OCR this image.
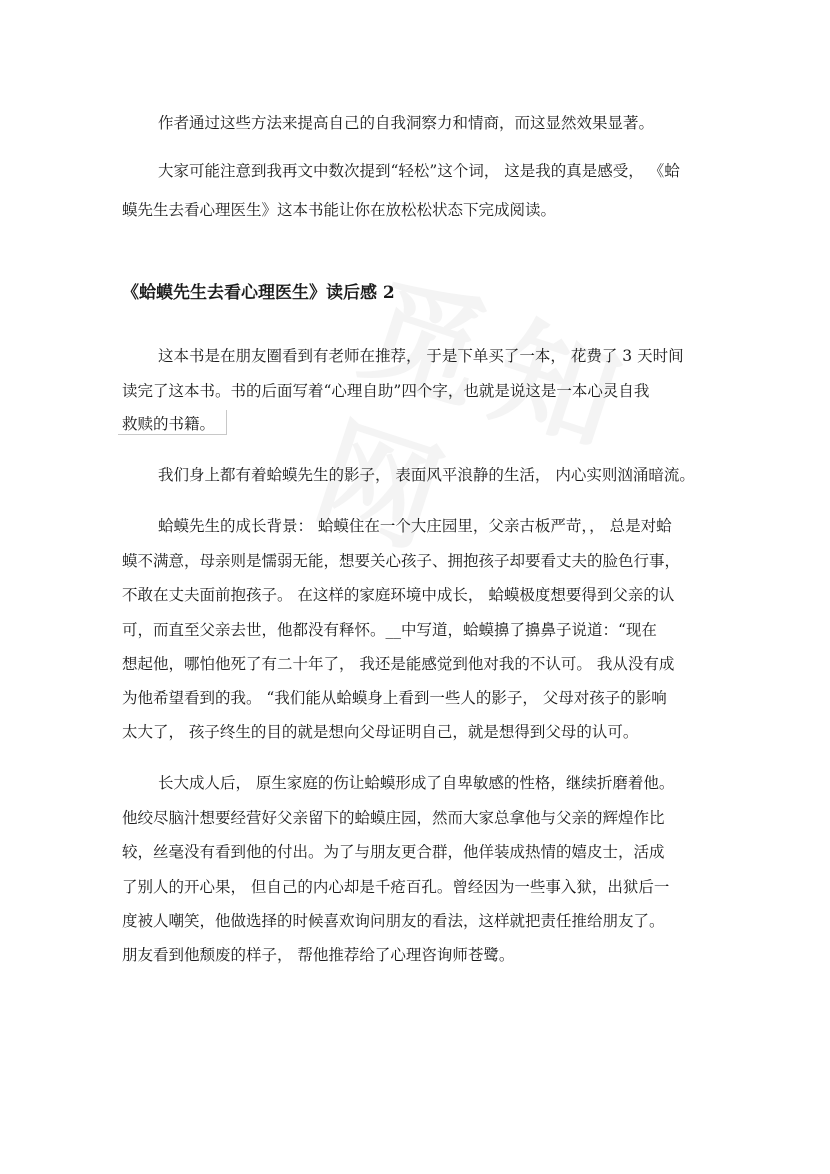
作者通过这些方法来提高自己的自我洞察力和情商，而这显然效果显著。
大家可能注意到我再文中数次提到“轻松”这个词， 这是我的真是感受， 《蛤
蟆先生去看心理医生》这本书能让你在放松松状态下完成阅读。
《蛤蟆先生去看心理医生》读后感 2
这本书是在朋友圈看到有老师在推荐， 于是下单买了一本， 花费了 3 天时间
读完了这本书。书的后面写着“心理自助”四个字，也就是说这是一本心灵自我
救赎的书籍。
我们身上都有着蛤蟆先生的影子， 表面风平浪静的生活， 内心实则汹涌暗流。
蛤蟆先生的成长背景： 蛤蟆住在一个大庄园里，父亲古板严苛，， 总是对蛤
蟆不满意，母亲则是懦弱无能，想要关心孩子、拥抱孩子却要看丈夫的脸色行事，
不敢在丈夫面前抱孩子。 在这样的家庭环境中成长， 蛤蟆极度想要得到父亲的认
可，而直至父亲去世，他都没有释怀。__中写道，蛤蟆擤了擤鼻子说道：“现在
想起他，哪怕他死了有二十年了， 我还是能感觉到他对我的不认可。 我从没有成
为他希望看到的我。 “我们能从蛤蟆身上看到一些人的影子， 父母对孩子的影响
太大了， 孩子终生的目的就是想向父母证明自己，就是想得到父母的认可。
长大成人后， 原生家庭的伤让蛤蟆形成了自卑敏感的性格，继续折磨着他。
他绞尽脑汁想要经营好父亲留下的蛤蟆庄园，然而大家总拿他与父亲的辉煌作比
较，丝毫没有看到他的付出。为了与朋友更合群，他佯装成热情的嬉皮士，活成
了别人的开心果， 但自己的内心却是千疮百孔。曾经因为一些事入狱，出狱后一
度被人嘲笑，他做选择的时候喜欢询问朋友的看法，这样就把责任推给朋友了。
朋友看到他颓废的样子， 帮他推荐给了心理咨询师苍鹭。
